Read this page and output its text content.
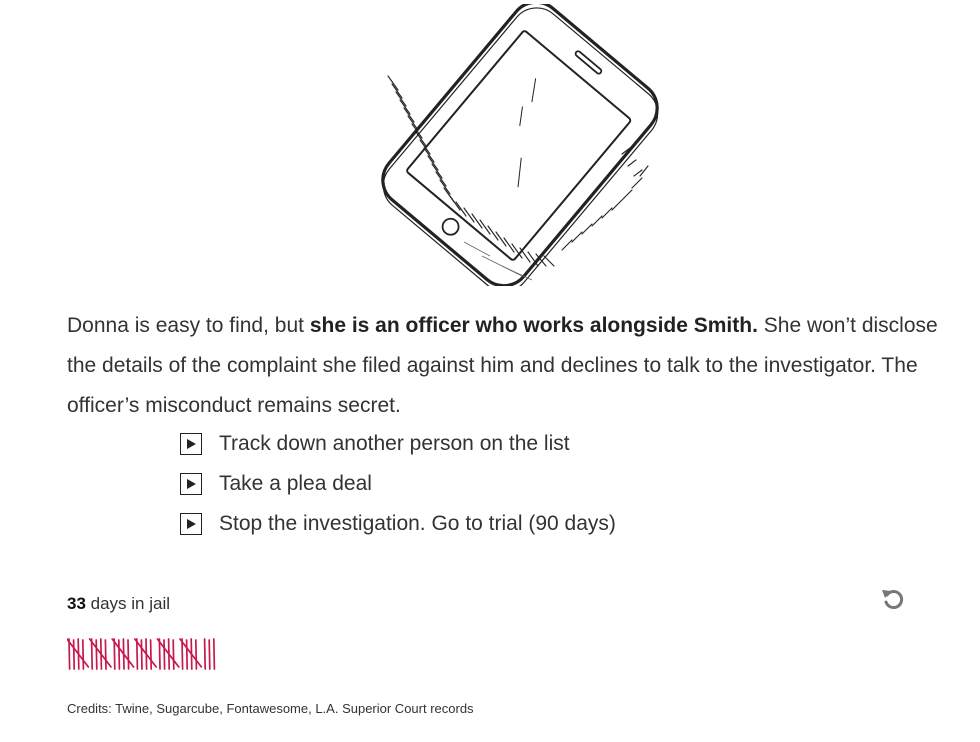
Donna is easy to find, but she is an officer who works alongside Smith. She won’t disclose the details of the complaint she filed against him and declines to talk to the investigator. The officer’s misconduct remains secret.
Track down another person on the list
Take a plea deal
Stop the investigation. Go to trial (90 days)
33 days in jail
Credits: Twine, Sugarcube, Fontawesome, L.A. Superior Court records
